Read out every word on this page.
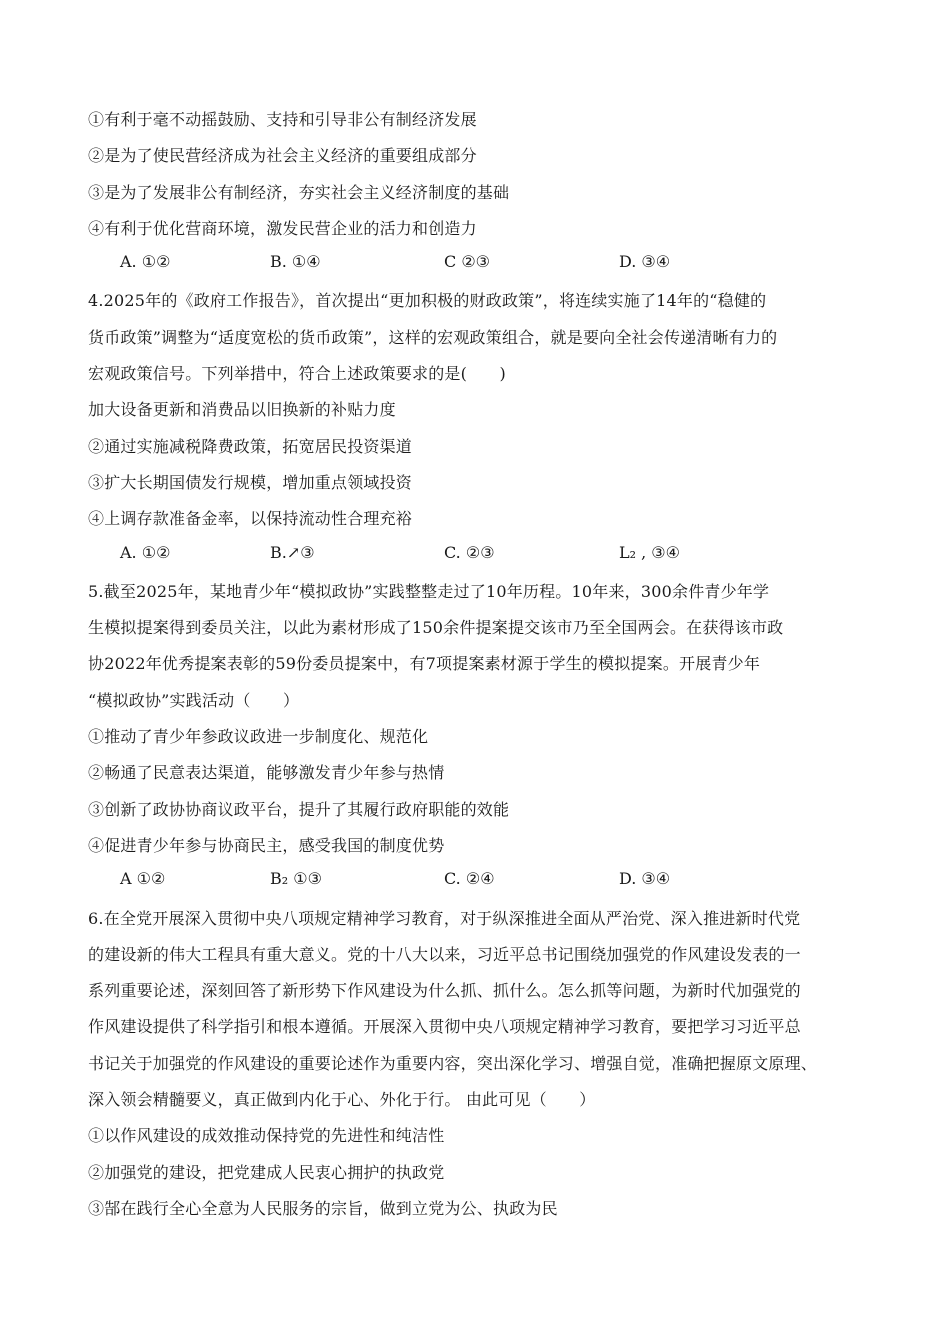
①有利于毫不动摇鼓励、支持和引导非公有制经济发展
②是为了使民营经济成为社会主义经济的重要组成部分
③是为了发展非公有制经济，夯实社会主义经济制度的基础
④有利于优化营商环境，激发民营企业的活力和创造力
A. ①②	B. ①④	C ②③	D. ③④
4.2025年的《政府工作报告》，首次提出“更加积极的财政政策”，将连续实施了14年的“稳健的
货币政策”调整为“适度宽松的货币政策”，这样的宏观政策组合，就是要向全社会传递清晰有力的
宏观政策信号。下列举措中，符合上述政策要求的是(　　)
加大设备更新和消费品以旧换新的补贴力度
②通过实施减税降费政策，拓宽居民投资渠道
③扩大长期国债发行规模，增加重点领域投资
④上调存款准备金率，以保持流动性合理充裕
A. ①②	B.↗③	C. ②③	L₂ , ③④
5.截至2025年，某地青少年“模拟政协”实践整整走过了10年历程。10年来，300余件青少年学
生模拟提案得到委员关注，以此为素材形成了150余件提案提交该市乃至全国两会。在获得该市政
协2022年优秀提案表彰的59份委员提案中，有7项提案素材源于学生的模拟提案。开展青少年
“模拟政协”实践活动（　　）
①推动了青少年参政议政进一步制度化、规范化
②畅通了民意表达渠道，能够激发青少年参与热情
③创新了政协协商议政平台，提升了其履行政府职能的效能
④促进青少年参与协商民主，感受我国的制度优势
A ①②	B₂ ①③	C. ②④	D. ③④
6.在全党开展深入贯彻中央八项规定精神学习教育，对于纵深推进全面从严治党、深入推进新时代党
的建设新的伟大工程具有重大意义。党的十八大以来，习近平总书记围绕加强党的作风建设发表的一
系列重要论述，深刻回答了新形势下作风建设为什么抓、抓什么。怎么抓等问题，为新时代加强党的
作风建设提供了科学指引和根本遵循。开展深入贯彻中央八项规定精神学习教育，要把学习习近平总
书记关于加强党的作风建设的重要论述作为重要内容，突出深化学习、增强自觉，准确把握原文原理、
深入领会精髓要义，真正做到内化于心、外化于行。 由此可见（　　）
①以作风建设的成效推动保持党的先进性和纯洁性
②加强党的建设，把党建成人民衷心拥护的执政党
③郜在践行全心全意为人民服务的宗旨，做到立党为公、执政为民
